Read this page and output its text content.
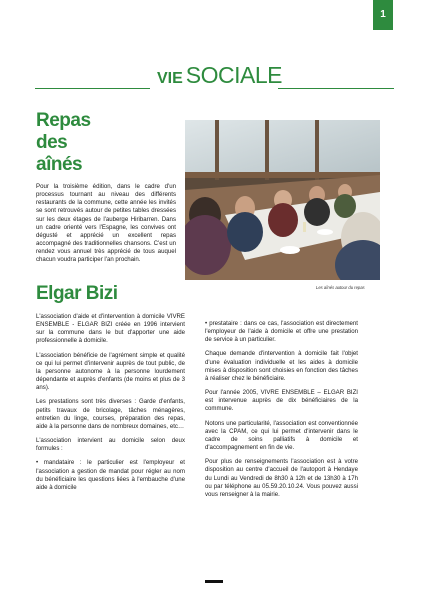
1
VIE SOCIALE
Repas
des
aînés

Pour la troisième édition, dans le cadre d'un processus tournant au niveau des différents restaurants de la commune, cette année les invités se sont retrouvés autour de petites tables dressées sur les deux étages de l'auberge Hiribarren. Dans un cadre orienté vers l'Espagne, les convives ont dégusté et apprécié un excellent repas accompagné des traditionnelles chansons. C'est un rendez vous annuel très apprécié de tous auquel chacun voudra participer l'an prochain.

Les aînés autour du repas
Elgar Bizi

L'association d'aide et d'intervention à domicile VIVRE ENSEMBLE - ELGAR BIZI créée en 1996 intervient sur la commune dans le but d'apporter une aide professionnelle à domicile.

L'association bénéficie de l'agrément simple et qualité ce qui lui permet d'intervenir auprès de tout public, de la personne autonome à la personne lourdement dépendante et auprès d'enfants (de moins et plus de 3 ans).

Les prestations sont très diverses : Garde d'enfants, petits travaux de bricolage, tâches ménagères, entretien du linge, courses, préparation des repas, aide à la personne dans de nombreux domaines, etc…

L'association intervient au domicile selon deux formules :

• mandataire : le particulier est l'employeur et l'association a gestion de mandat pour régler au nom du bénéficiaire les questions liées à l'embauche d'une aide à domicile

• prestataire : dans ce cas, l'association est directement l'employeur de l'aide à domicile et offre une prestation de service à un particulier.

Chaque demande d'intervention à domicile fait l'objet d'une évaluation individuelle et les aides à domicile mises à disposition sont choisies en fonction des tâches à réaliser chez le bénéficiaire.

Pour l'année 2005, VIVRE ENSEMBLE – ELGAR BIZI est intervenue auprès de dix bénéficiaires de la commune.

Notons une particularité, l'association est conventionnée avec la CPAM, ce qui lui permet d'intervenir dans le cadre de soins palliatifs à domicile et d'accompagnement en fin de vie.

Pour plus de renseignements l'association est à votre disposition au centre d'accueil de l'autoport à Hendaye du Lundi au Vendredi de 8h30 à 12h et de 13h30 à 17h ou par téléphone au 05.59.20.10.24. Vous pouvez aussi vous renseigner à la mairie.
